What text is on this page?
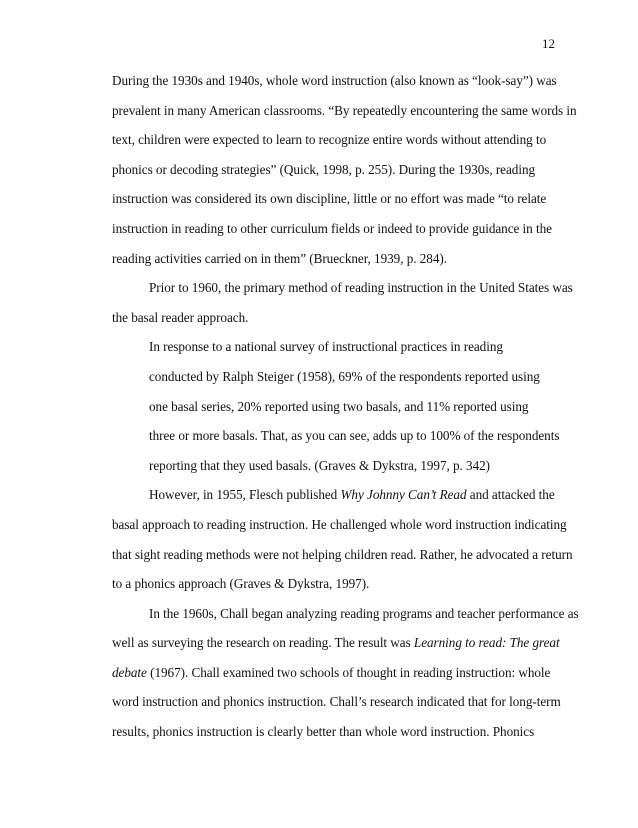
12
During the 1930s and 1940s, whole word instruction (also known as “look-say”) was
prevalent in many American classrooms. “By repeatedly encountering the same words in
text, children were expected to learn to recognize entire words without attending to
phonics or decoding strategies” (Quick, 1998, p. 255). During the 1930s, reading
instruction was considered its own discipline, little or no effort was made “to relate
instruction in reading to other curriculum fields or indeed to provide guidance in the
reading activities carried on in them” (Brueckner, 1939, p. 284).
Prior to 1960, the primary method of reading instruction in the United States was
the basal reader approach.
In response to a national survey of instructional practices in reading
conducted by Ralph Steiger (1958), 69% of the respondents reported using
one basal series, 20% reported using two basals, and 11% reported using
three or more basals. That, as you can see, adds up to 100% of the respondents
reporting that they used basals. (Graves & Dykstra, 1997, p. 342)
However, in 1955, Flesch published Why Johnny Can’t Read and attacked the
basal approach to reading instruction. He challenged whole word instruction indicating
that sight reading methods were not helping children read. Rather, he advocated a return
to a phonics approach (Graves & Dykstra, 1997).
In the 1960s, Chall began analyzing reading programs and teacher performance as
well as surveying the research on reading. The result was Learning to read: The great
debate (1967). Chall examined two schools of thought in reading instruction: whole
word instruction and phonics instruction. Chall’s research indicated that for long-term
results, phonics instruction is clearly better than whole word instruction. Phonics
